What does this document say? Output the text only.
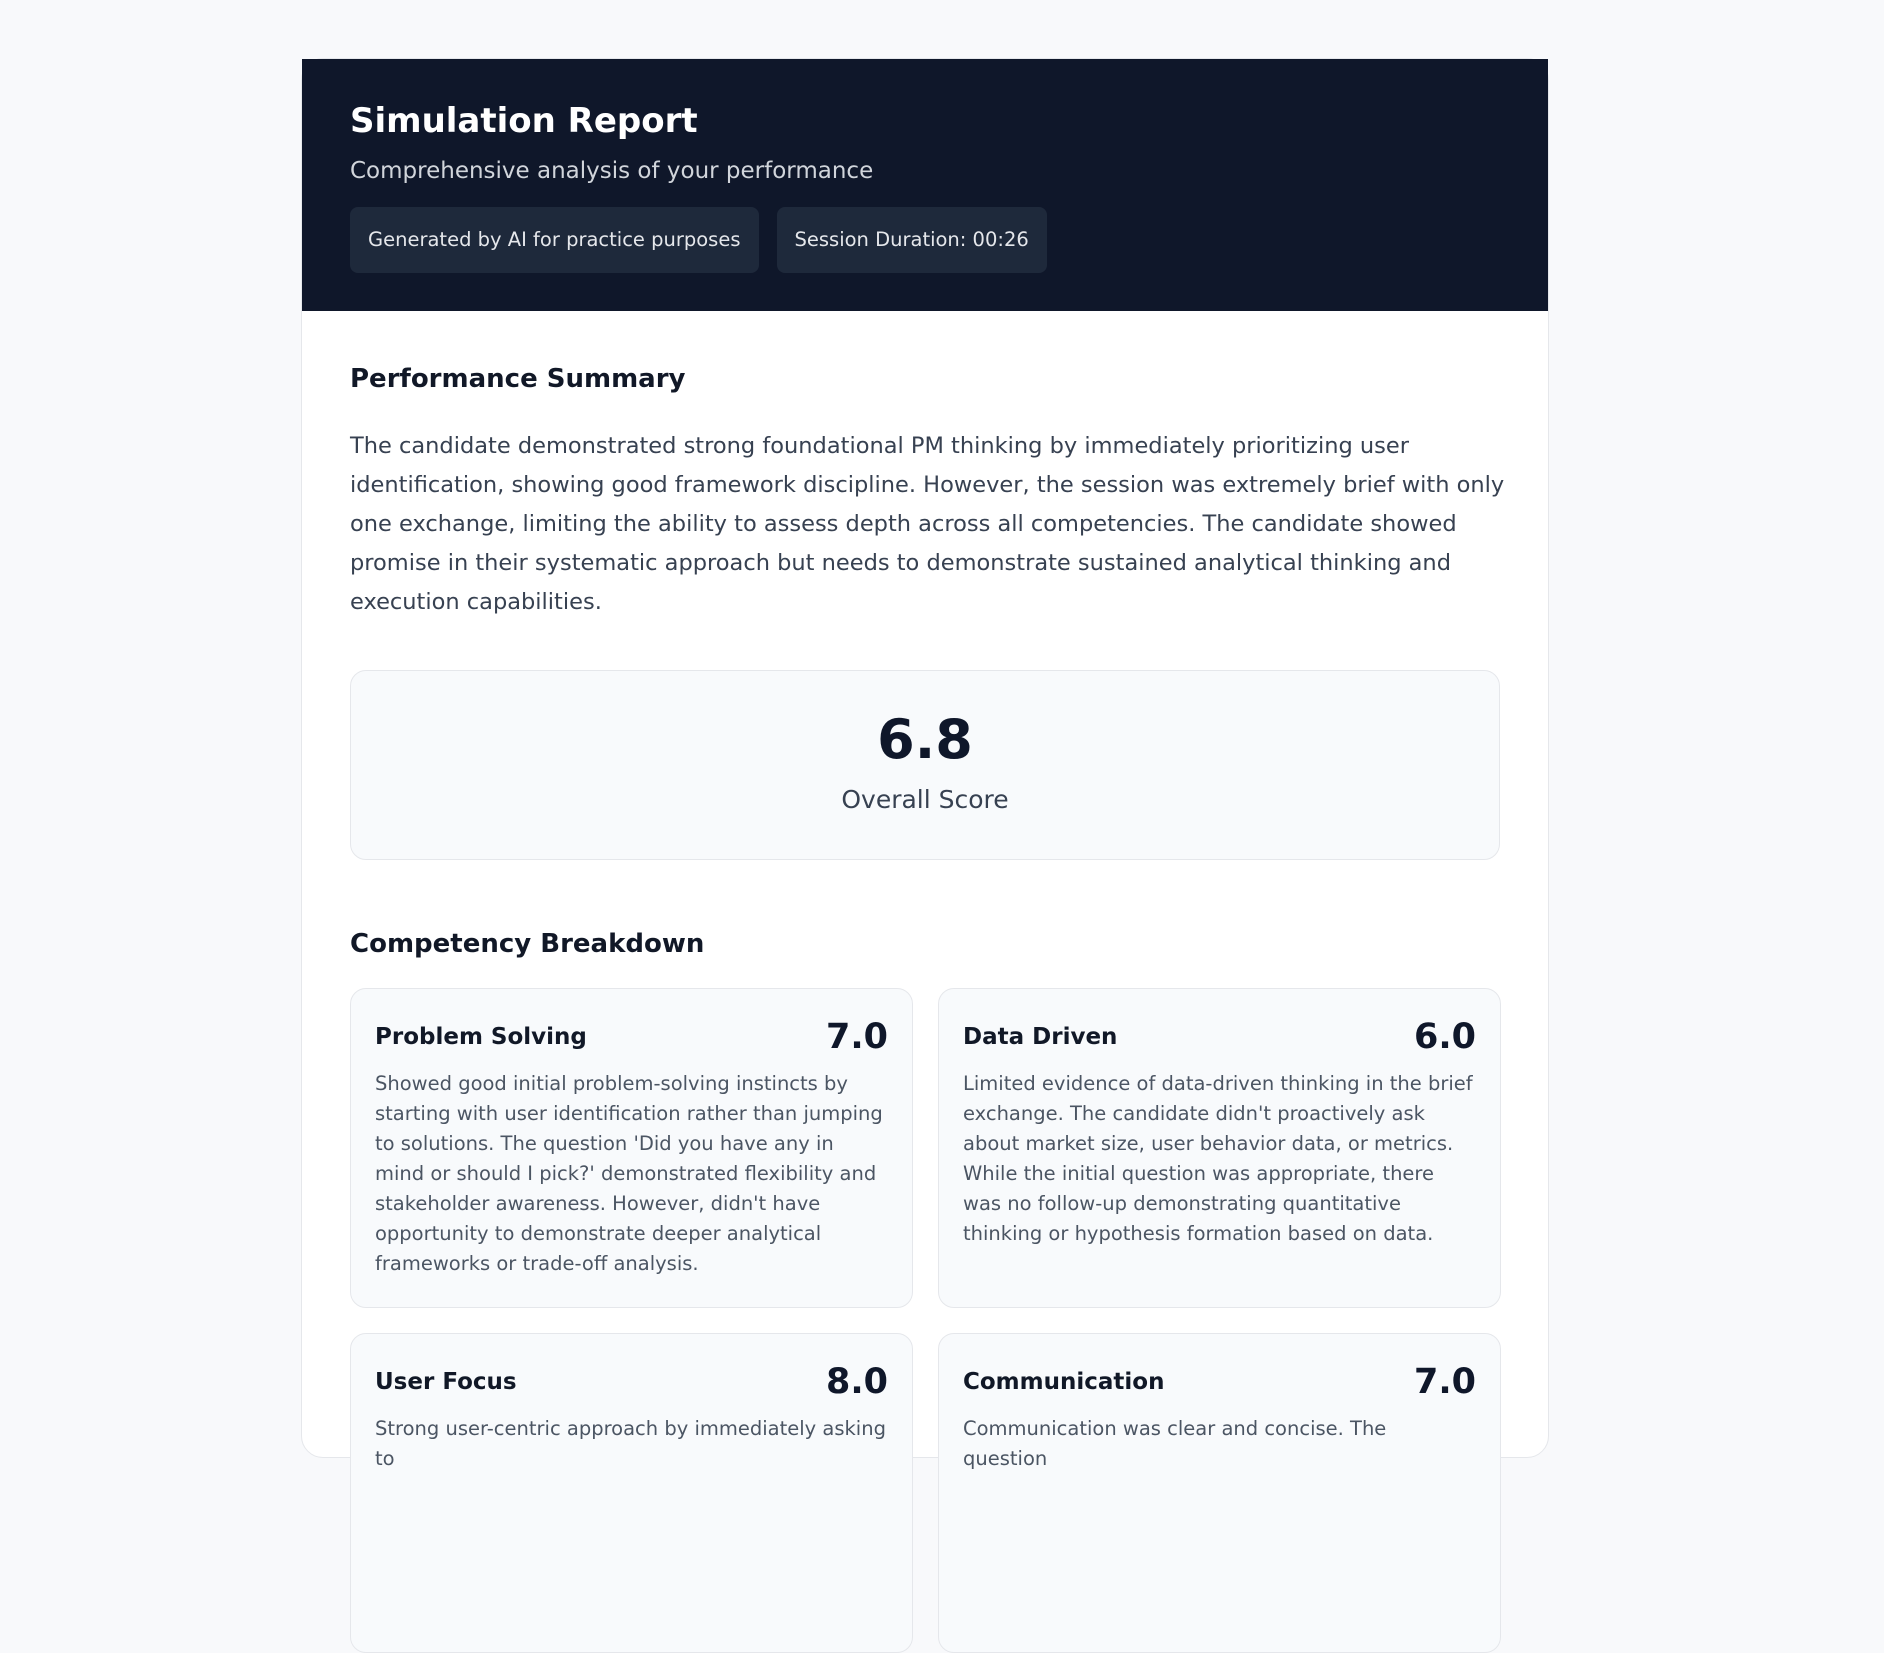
Simulation Report
Comprehensive analysis of your performance
Generated by AI for practice purposes	Session Duration: 00:26
Performance Summary

The candidate demonstrated strong foundational PM thinking by immediately prioritizing user identification, showing good framework discipline. However, the session was extremely brief with only one exchange, limiting the ability to assess depth across all competencies. The candidate showed promise in their systematic approach but needs to demonstrate sustained analytical thinking and execution capabilities.

6.8
Overall Score
Competency Breakdown
Problem Solving	7.0

Showed good initial problem-solving instincts by starting with user identification rather than jumping to solutions. The question 'Did you have any in mind or should I pick?' demonstrated flexibility and stakeholder awareness. However, didn't have opportunity to demonstrate deeper analytical frameworks or trade-off analysis.

Data Driven	6.0

Limited evidence of data-driven thinking in the brief exchange. The candidate didn't proactively ask about market size, user behavior data, or metrics. While the initial question was appropriate, there was no follow-up demonstrating quantitative thinking or hypothesis formation based on data.

User Focus	8.0

Strong user-centric approach by immediately asking to

Communication	7.0

Communication was clear and concise. The question
